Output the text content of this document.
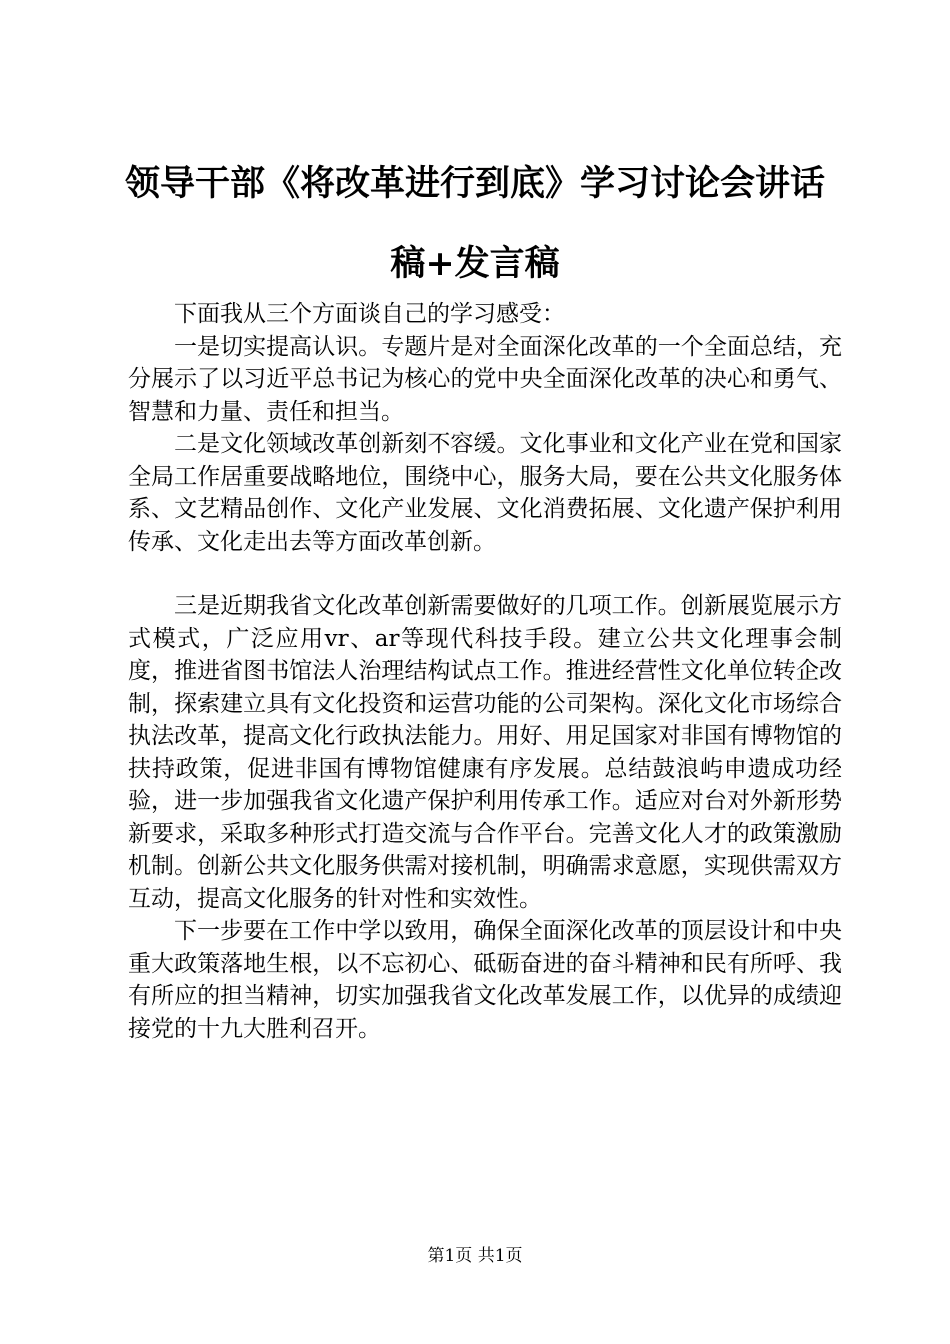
领导干部《将改革进行到底》学习讨论会讲话
稿+发言稿

下面我从三个方面谈自己的学习感受：

一是切实提高认识。专题片是对全面深化改革的一个全面总结，充分展示了以习近平总书记为核心的党中央全面深化改革的决心和勇气、智慧和力量、责任和担当。

二是文化领域改革创新刻不容缓。文化事业和文化产业在党和国家全局工作居重要战略地位，围绕中心，服务大局，要在公共文化服务体系、文艺精品创作、文化产业发展、文化消费拓展、文化遗产保护利用传承、文化走出去等方面改革创新。

三是近期我省文化改革创新需要做好的几项工作。创新展览展示方式模式，广泛应用vr、ar等现代科技手段。建立公共文化理事会制度，推进省图书馆法人治理结构试点工作。推进经营性文化单位转企改制，探索建立具有文化投资和运营功能的公司架构。深化文化市场综合执法改革，提高文化行政执法能力。用好、用足国家对非国有博物馆的扶持政策，促进非国有博物馆健康有序发展。总结鼓浪屿申遗成功经验，进一步加强我省文化遗产保护利用传承工作。适应对台对外新形势新要求，采取多种形式打造交流与合作平台。完善文化人才的政策激励机制。创新公共文化服务供需对接机制，明确需求意愿，实现供需双方互动，提高文化服务的针对性和实效性。

下一步要在工作中学以致用，确保全面深化改革的顶层设计和中央重大政策落地生根，以不忘初心、砥砺奋进的奋斗精神和民有所呼、我有所应的担当精神，切实加强我省文化改革发展工作，以优异的成绩迎接党的十九大胜利召开。

第1页 共1页
